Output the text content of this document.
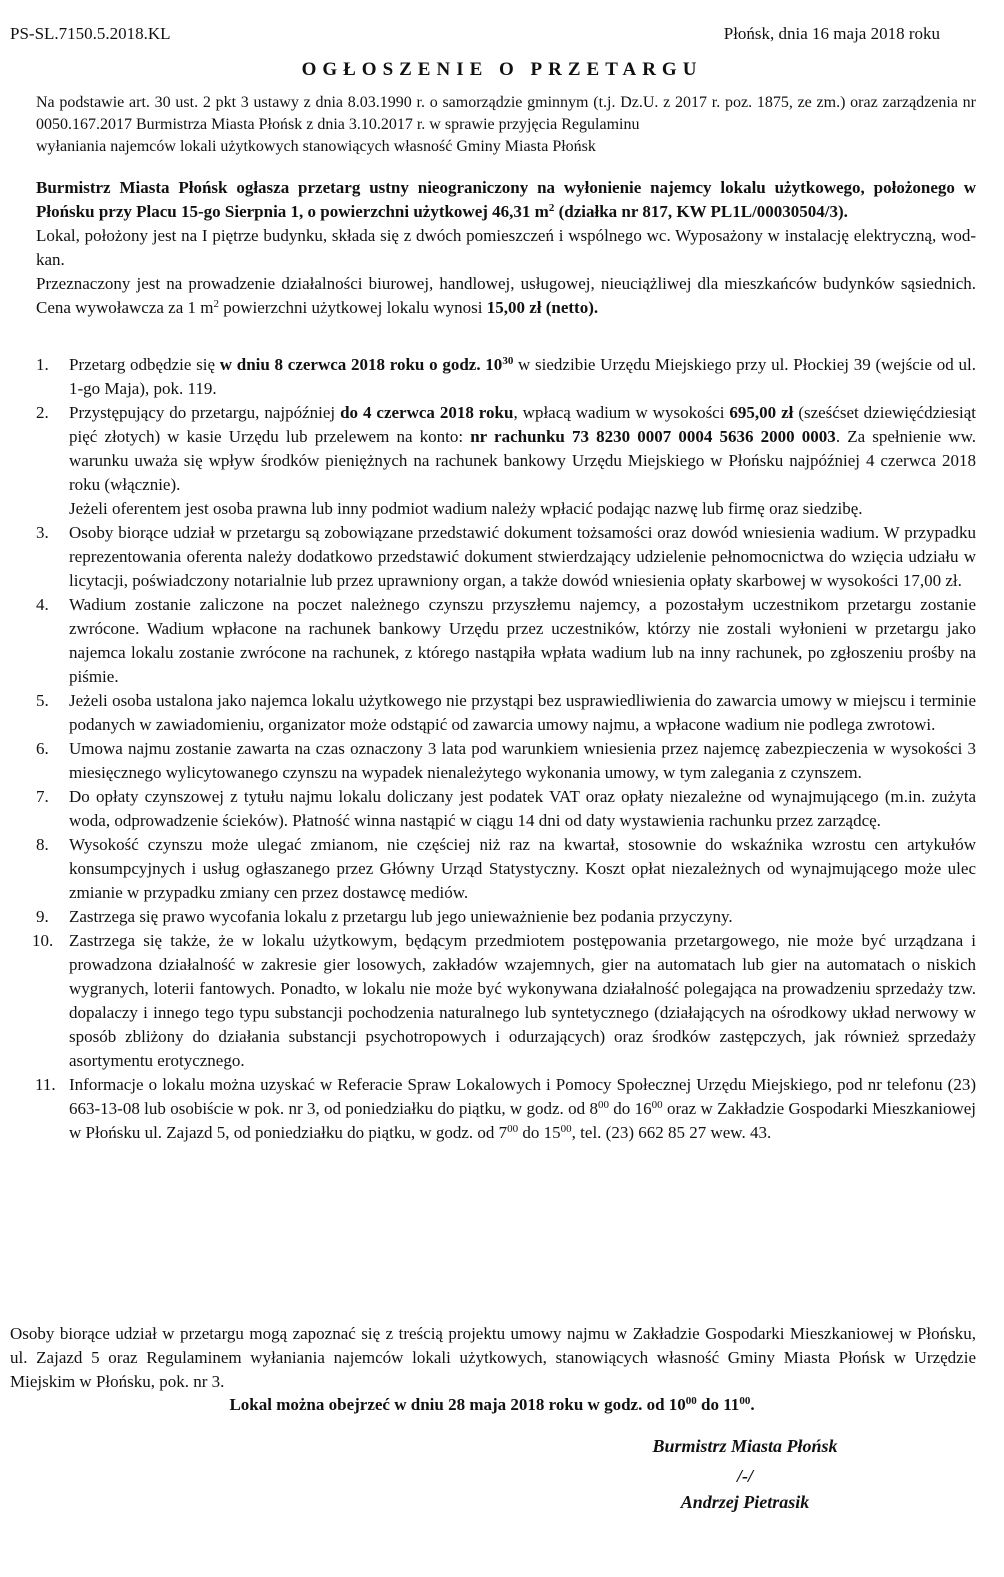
PS-SL.7150.5.2018.KL	Płońsk, dnia 16 maja 2018 roku
OGŁOSZENIE O PRZETARGU
Na podstawie art. 30 ust. 2 pkt 3 ustawy z dnia 8.03.1990 r. o samorządzie gminnym (t.j. Dz.U. z 2017 r. poz. 1875, ze zm.) oraz zarządzenia nr 0050.167.2017 Burmistrza Miasta Płońsk z dnia 3.10.2017 r. w sprawie przyjęcia Regulaminu
wyłaniania najemców lokali użytkowych stanowiących własność Gminy Miasta Płońsk

Burmistrz Miasta Płońsk ogłasza przetarg ustny nieograniczony na wyłonienie najemcy lokalu użytkowego, położonego w Płońsku przy Placu 15-go Sierpnia 1, o powierzchni użytkowej 46,31 $m^2$ (działka nr 817, KW PL1L/00030504/3).

Lokal, położony jest na I piętrze budynku, składa się z dwóch pomieszczeń i wspólnego wc. Wyposażony w instalację elektryczną, wod-kan.

Przeznaczony jest na prowadzenie działalności biurowej, handlowej, usługowej, nieuciążliwej dla mieszkańców budynków sąsiednich. Cena wywoławcza za 1 $m^2$ powierzchni użytkowej lokalu wynosi 15,00 zł (netto).

1. Przetarg odbędzie się w dniu 8 czerwca 2018 roku o godz. $10^{30}$ w siedzibie Urzędu Miejskiego przy ul. Płockiej 39 (wejście od ul. 1-go Maja), pok. 119.

2. Przystępujący do przetargu, najpóźniej do 4 czerwca 2018 roku, wpłacą wadium w wysokości 695,00 zł (sześćset dziewięćdziesiąt pięć złotych) w kasie Urzędu lub przelewem na konto: nr rachunku 73 8230 0007 0004 5636 2000 0003. Za spełnienie ww. warunku uważa się wpływ środków pieniężnych na rachunek bankowy Urzędu Miejskiego w Płońsku najpóźniej 4 czerwca 2018 roku (włącznie).

Jeżeli oferentem jest osoba prawna lub inny podmiot wadium należy wpłacić podając nazwę lub firmę oraz siedzibę.

3. Osoby biorące udział w przetargu są zobowiązane przedstawić dokument tożsamości oraz dowód wniesienia wadium. W przypadku reprezentowania oferenta należy dodatkowo przedstawić dokument stwierdzający udzielenie pełnomocnictwa do wzięcia udziału w licytacji, poświadczony notarialnie lub przez uprawniony organ, a także dowód wniesienia opłaty skarbowej w wysokości 17,00 zł.

4. Wadium zostanie zaliczone na poczet należnego czynszu przyszłemu najemcy, a pozostałym uczestnikom przetargu zostanie zwrócone. Wadium wpłacone na rachunek bankowy Urzędu przez uczestników, którzy nie zostali wyłonieni w przetargu jako najemca lokalu zostanie zwrócone na rachunek, z którego nastąpiła wpłata wadium lub na inny rachunek, po zgłoszeniu prośby na piśmie.

5. Jeżeli osoba ustalona jako najemca lokalu użytkowego nie przystąpi bez usprawiedliwienia do zawarcia umowy w miejscu i terminie podanych w zawiadomieniu, organizator może odstąpić od zawarcia umowy najmu, a wpłacone wadium nie podlega zwrotowi.

6. Umowa najmu zostanie zawarta na czas oznaczony 3 lata pod warunkiem wniesienia przez najemcę zabezpieczenia w wysokości 3 miesięcznego wylicytowanego czynszu na wypadek nienależytego wykonania umowy, w tym zalegania z czynszem.

7. Do opłaty czynszowej z tytułu najmu lokalu doliczany jest podatek VAT oraz opłaty niezależne od wynajmującego (m.in. zużyta woda, odprowadzenie ścieków). Płatność winna nastąpić w ciągu 14 dni od daty wystawienia rachunku przez zarządcę.

8. Wysokość czynszu może ulegać zmianom, nie częściej niż raz na kwartał, stosownie do wskaźnika wzrostu cen artykułów konsumpcyjnych i usług ogłaszanego przez Główny Urząd Statystyczny. Koszt opłat niezależnych od wynajmującego może ulec zmianie w przypadku zmiany cen przez dostawcę mediów.

9. Zastrzega się prawo wycofania lokalu z przetargu lub jego unieważnienie bez podania przyczyny.

10. Zastrzega się także, że w lokalu użytkowym, będącym przedmiotem postępowania przetargowego, nie może być urządzana i prowadzona działalność w zakresie gier losowych, zakładów wzajemnych, gier na automatach lub gier na automatach o niskich wygranych, loterii fantowych. Ponadto, w lokalu nie może być wykonywana działalność polegająca na prowadzeniu sprzedaży tzw. dopalaczy i innego tego typu substancji pochodzenia naturalnego lub syntetycznego (działających na ośrodkowy układ nerwowy w sposób zbliżony do działania substancji psychotropowych i odurzających) oraz środków zastępczych, jak również sprzedaży asortymentu erotycznego.

11. Informacje o lokalu można uzyskać w Referacie Spraw Lokalowych i Pomocy Społecznej Urzędu Miejskiego, pod nr telefonu (23) 663-13-08 lub osobiście w pok. nr 3, od poniedziałku do piątku, w godz. od $8^{00}$ do $16^{00}$ oraz w Zakładzie Gospodarki Mieszkaniowej w Płońsku ul. Zajazd 5, od poniedziałku do piątku, w godz. od $7^{00}$ do $15^{00}$, tel. (23) 662 85 27 wew. 43.

Osoby biorące udział w przetargu mogą zapoznać się z treścią projektu umowy najmu w Zakładzie Gospodarki Mieszkaniowej w Płońsku, ul. Zajazd 5 oraz Regulaminem wyłaniania najemców lokali użytkowych, stanowiących własność Gminy Miasta Płońsk w Urzędzie Miejskim w Płońsku, pok. nr 3.

Lokal można obejrzeć w dniu 28 maja 2018 roku w godz. od $10^{00}$ do $11^{00}$.
Burmistrz Miasta Płońsk
/-/
Andrzej Pietrasik
